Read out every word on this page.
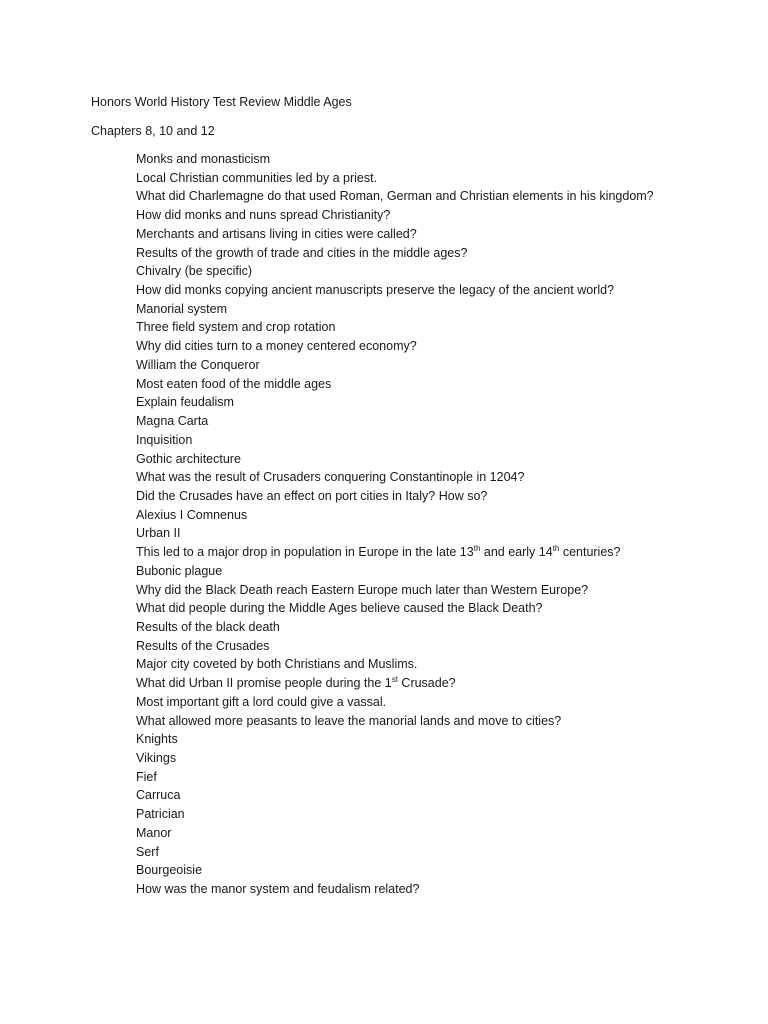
Honors World History Test Review Middle Ages
Chapters 8, 10 and 12
Monks and monasticism
Local Christian communities led by a priest.
What did Charlemagne do that used Roman, German and Christian elements in his kingdom?
How did monks and nuns spread Christianity?
Merchants and artisans living in cities were called?
Results of the growth of trade and cities in the middle ages?
Chivalry (be specific)
How did monks copying ancient manuscripts preserve the legacy of the ancient world?
Manorial system
Three field system and crop rotation
Why did cities turn to a money centered economy?
William the Conqueror
Most eaten food of the middle ages
Explain feudalism
Magna Carta
Inquisition
Gothic architecture
What was the result of Crusaders conquering Constantinople in 1204?
Did the Crusades have an effect on port cities in Italy? How so?
Alexius I Comnenus
Urban II
This led to a major drop in population in Europe in the late 13th and early 14th centuries?
Bubonic plague
Why did the Black Death reach Eastern Europe much later than Western Europe?
What did people during the Middle Ages believe caused the Black Death?
Results of the black death
Results of the Crusades
Major city coveted by both Christians and Muslims.
What did Urban II promise people during the 1st Crusade?
Most important gift a lord could give a vassal.
What allowed more peasants to leave the manorial lands and move to cities?
Knights
Vikings
Fief
Carruca
Patrician
Manor
Serf
Bourgeoisie
How was the manor system and feudalism related?
